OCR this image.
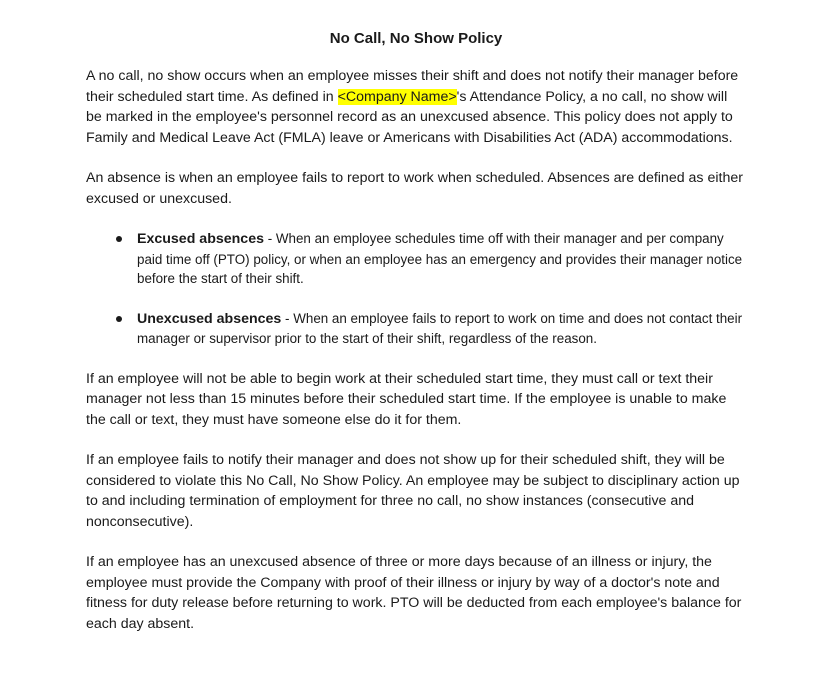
No Call, No Show Policy

A no call, no show occurs when an employee misses their shift and does not notify their manager before their scheduled start time. As defined in <Company Name>'s Attendance Policy, a no call, no show will be marked in the employee's personnel record as an unexcused absence. This policy does not apply to Family and Medical Leave Act (FMLA) leave or Americans with Disabilities Act (ADA) accommodations.

An absence is when an employee fails to report to work when scheduled. Absences are defined as either excused or unexcused.

Excused absences - When an employee schedules time off with their manager and per company paid time off (PTO) policy, or when an employee has an emergency and provides their manager notice before the start of their shift.
Unexcused absences - When an employee fails to report to work on time and does not contact their manager or supervisor prior to the start of their shift, regardless of the reason.

If an employee will not be able to begin work at their scheduled start time, they must call or text their manager not less than 15 minutes before their scheduled start time. If the employee is unable to make the call or text, they must have someone else do it for them.

If an employee fails to notify their manager and does not show up for their scheduled shift, they will be considered to violate this No Call, No Show Policy. An employee may be subject to disciplinary action up to and including termination of employment for three no call, no show instances (consecutive and nonconsecutive).

If an employee has an unexcused absence of three or more days because of an illness or injury, the employee must provide the Company with proof of their illness or injury by way of a doctor's note and fitness for duty release before returning to work. PTO will be deducted from each employee's balance for each day absent.
